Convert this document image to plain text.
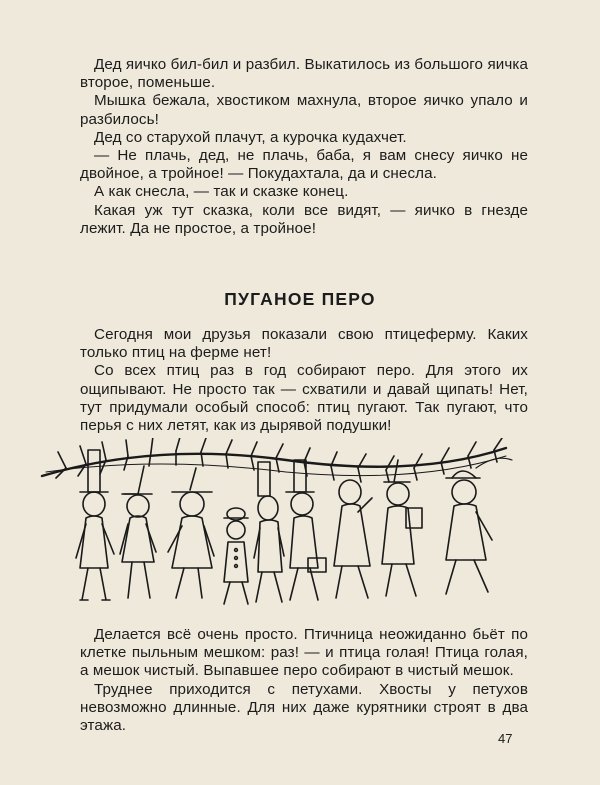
Дед яичко бил-бил и разбил. Выкатилось из большого яичка второе, поменьше.

Мышка бежала, хвостиком махнула, второе яичко упало и разбилось!

Дед со старухой плачут, а курочка кудахчет.

— Не плачь, дед, не плачь, баба, я вам снесу яичко не двойное, а тройное! — Покудахтала, да и снесла.

А как снесла, — так и сказке конец.

Какая уж тут сказка, коли все видят, — яичко в гнезде лежит. Да не простое, а тройное!

ПУГАНОЕ ПЕРО

Сегодня мои друзья показали свою птицеферму. Каких только птиц на ферме нет!

Со всех птиц раз в год собирают перо. Для этого их ощипывают. Не просто так — схватили и давай щипать! Нет, тут придумали особый способ: птиц пугают. Так пугают, что перья с них летят, как из дырявой подушки!

Делается всё очень просто. Птичница неожиданно бьёт по клетке пыльным мешком: раз! — и птица голая! Птица голая, а мешок чистый. Выпавшее перо собирают в чистый мешок.

Труднее приходится с петухами. Хвосты у петухов невозможно длинные. Для них даже курятники строят в два этажа.

47
